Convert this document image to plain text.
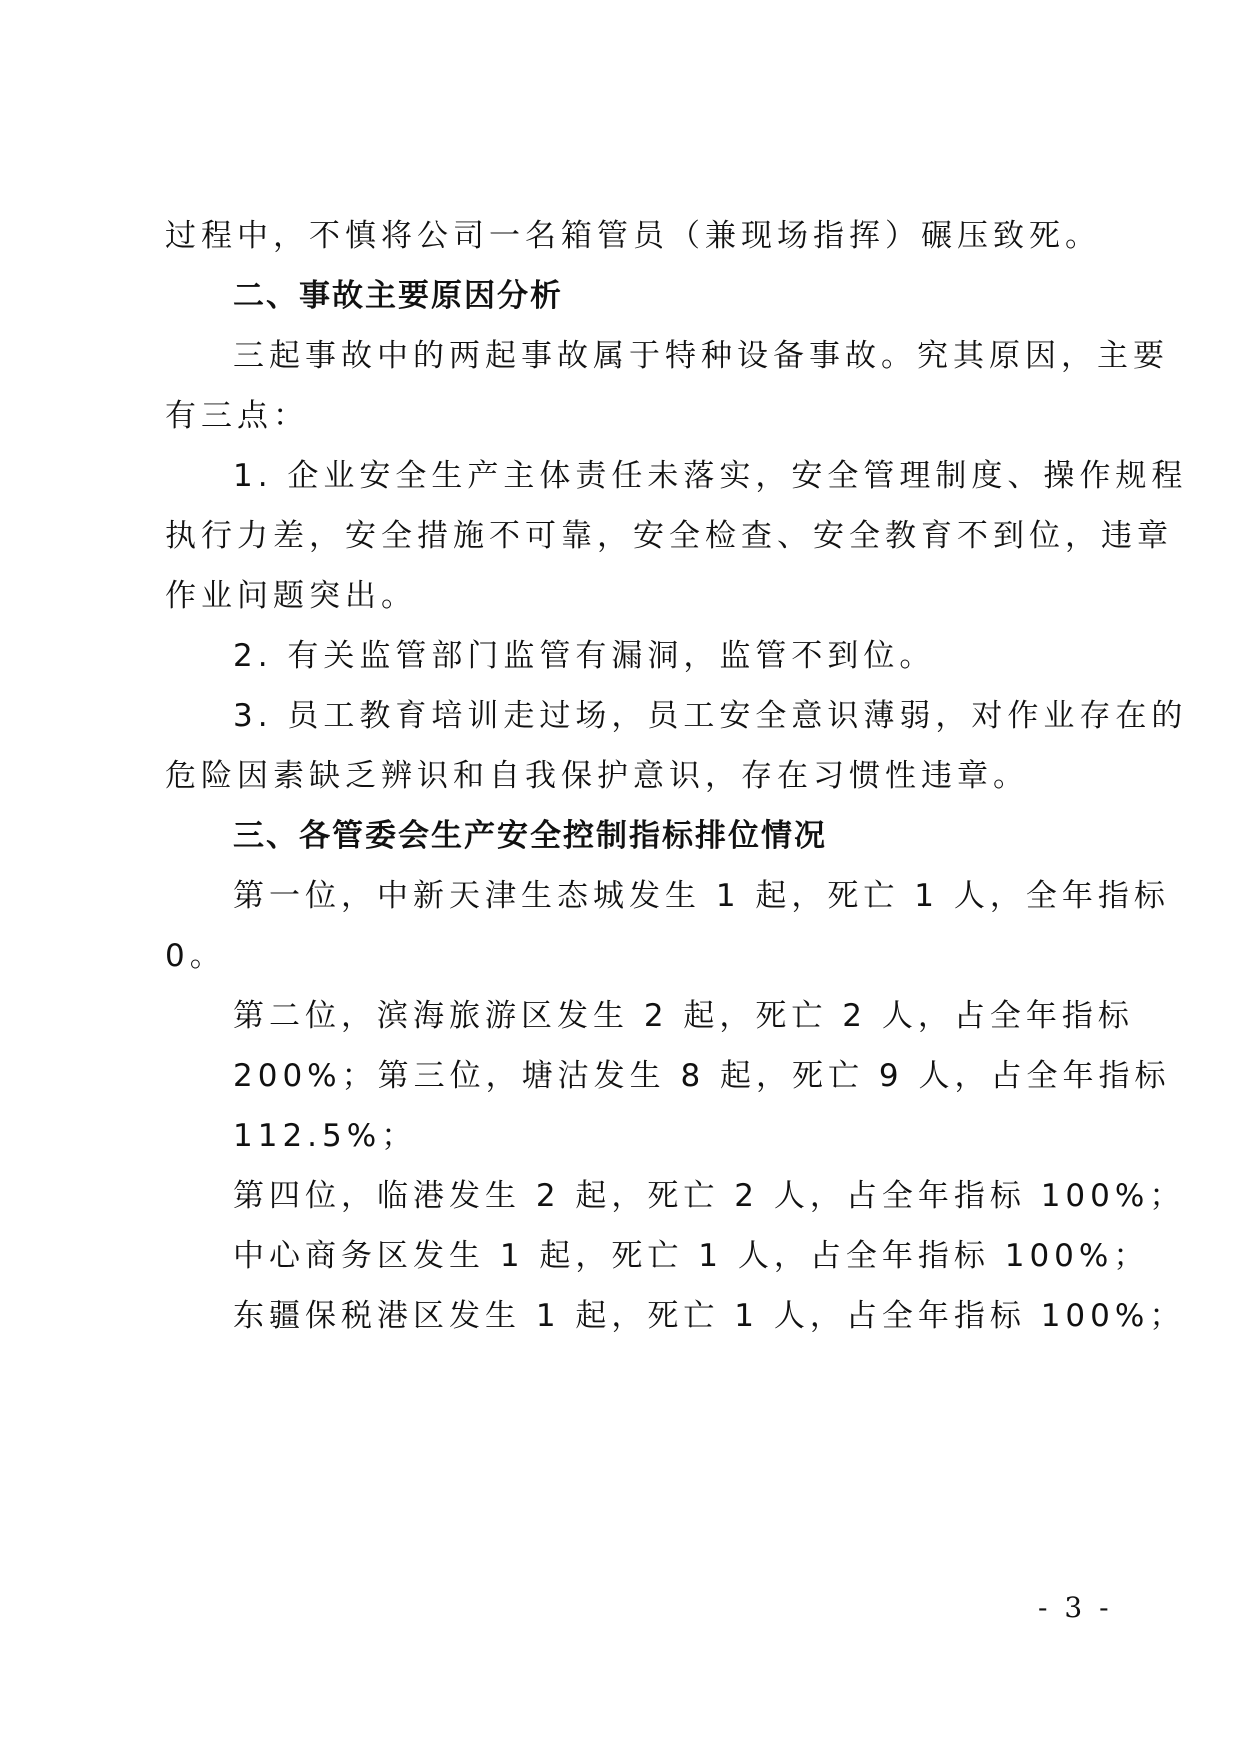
过程中，不慎将公司一名箱管员（兼现场指挥）碾压致死。
二、事故主要原因分析
三起事故中的两起事故属于特种设备事故。究其原因，主要
有三点：
1. 企业安全生产主体责任未落实，安全管理制度、操作规程
执行力差，安全措施不可靠，安全检查、安全教育不到位，违章
作业问题突出。
2. 有关监管部门监管有漏洞，监管不到位。
3. 员工教育培训走过场，员工安全意识薄弱，对作业存在的
危险因素缺乏辨识和自我保护意识，存在习惯性违章。
三、各管委会生产安全控制指标排位情况
第一位，中新天津生态城发生 1 起，死亡 1 人，全年指标
0。
第二位，滨海旅游区发生 2 起，死亡 2 人，占全年指标
200%；第三位，塘沽发生 8 起，死亡 9 人，占全年指标
112.5%；
第四位，临港发生 2 起，死亡 2 人，占全年指标 100%；
中心商务区发生 1 起，死亡 1 人，占全年指标 100%；
东疆保税港区发生 1 起，死亡 1 人，占全年指标 100%；
- 3 -
